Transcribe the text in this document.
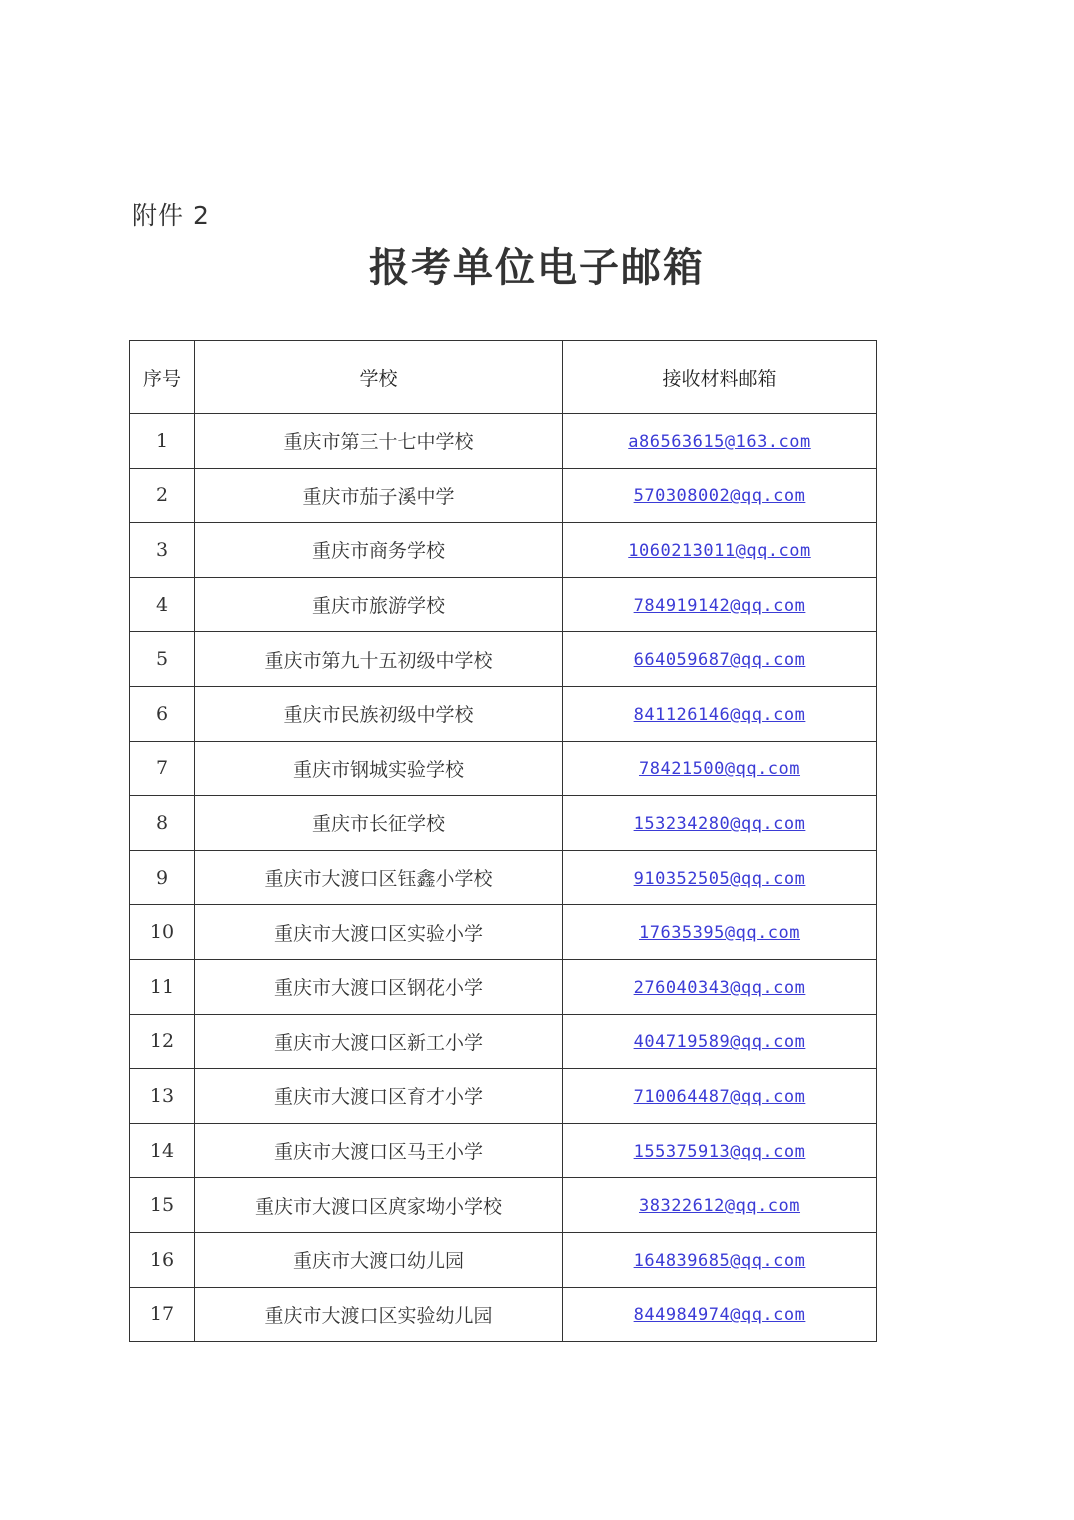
附件 2
报考单位电子邮箱
序号	学校	接收材料邮箱
1	重庆市第三十七中学校	a86563615@163.com
2	重庆市茄子溪中学	570308002@qq.com
3	重庆市商务学校	1060213011@qq.com
4	重庆市旅游学校	784919142@qq.com
5	重庆市第九十五初级中学校	664059687@qq.com
6	重庆市民族初级中学校	841126146@qq.com
7	重庆市钢城实验学校	78421500@qq.com
8	重庆市长征学校	153234280@qq.com
9	重庆市大渡口区钰鑫小学校	910352505@qq.com
10	重庆市大渡口区实验小学	17635395@qq.com
11	重庆市大渡口区钢花小学	276040343@qq.com
12	重庆市大渡口区新工小学	404719589@qq.com
13	重庆市大渡口区育才小学	710064487@qq.com
14	重庆市大渡口区马王小学	155375913@qq.com
15	重庆市大渡口区庹家坳小学校	38322612@qq.com
16	重庆市大渡口幼儿园	164839685@qq.com
17	重庆市大渡口区实验幼儿园	844984974@qq.com
